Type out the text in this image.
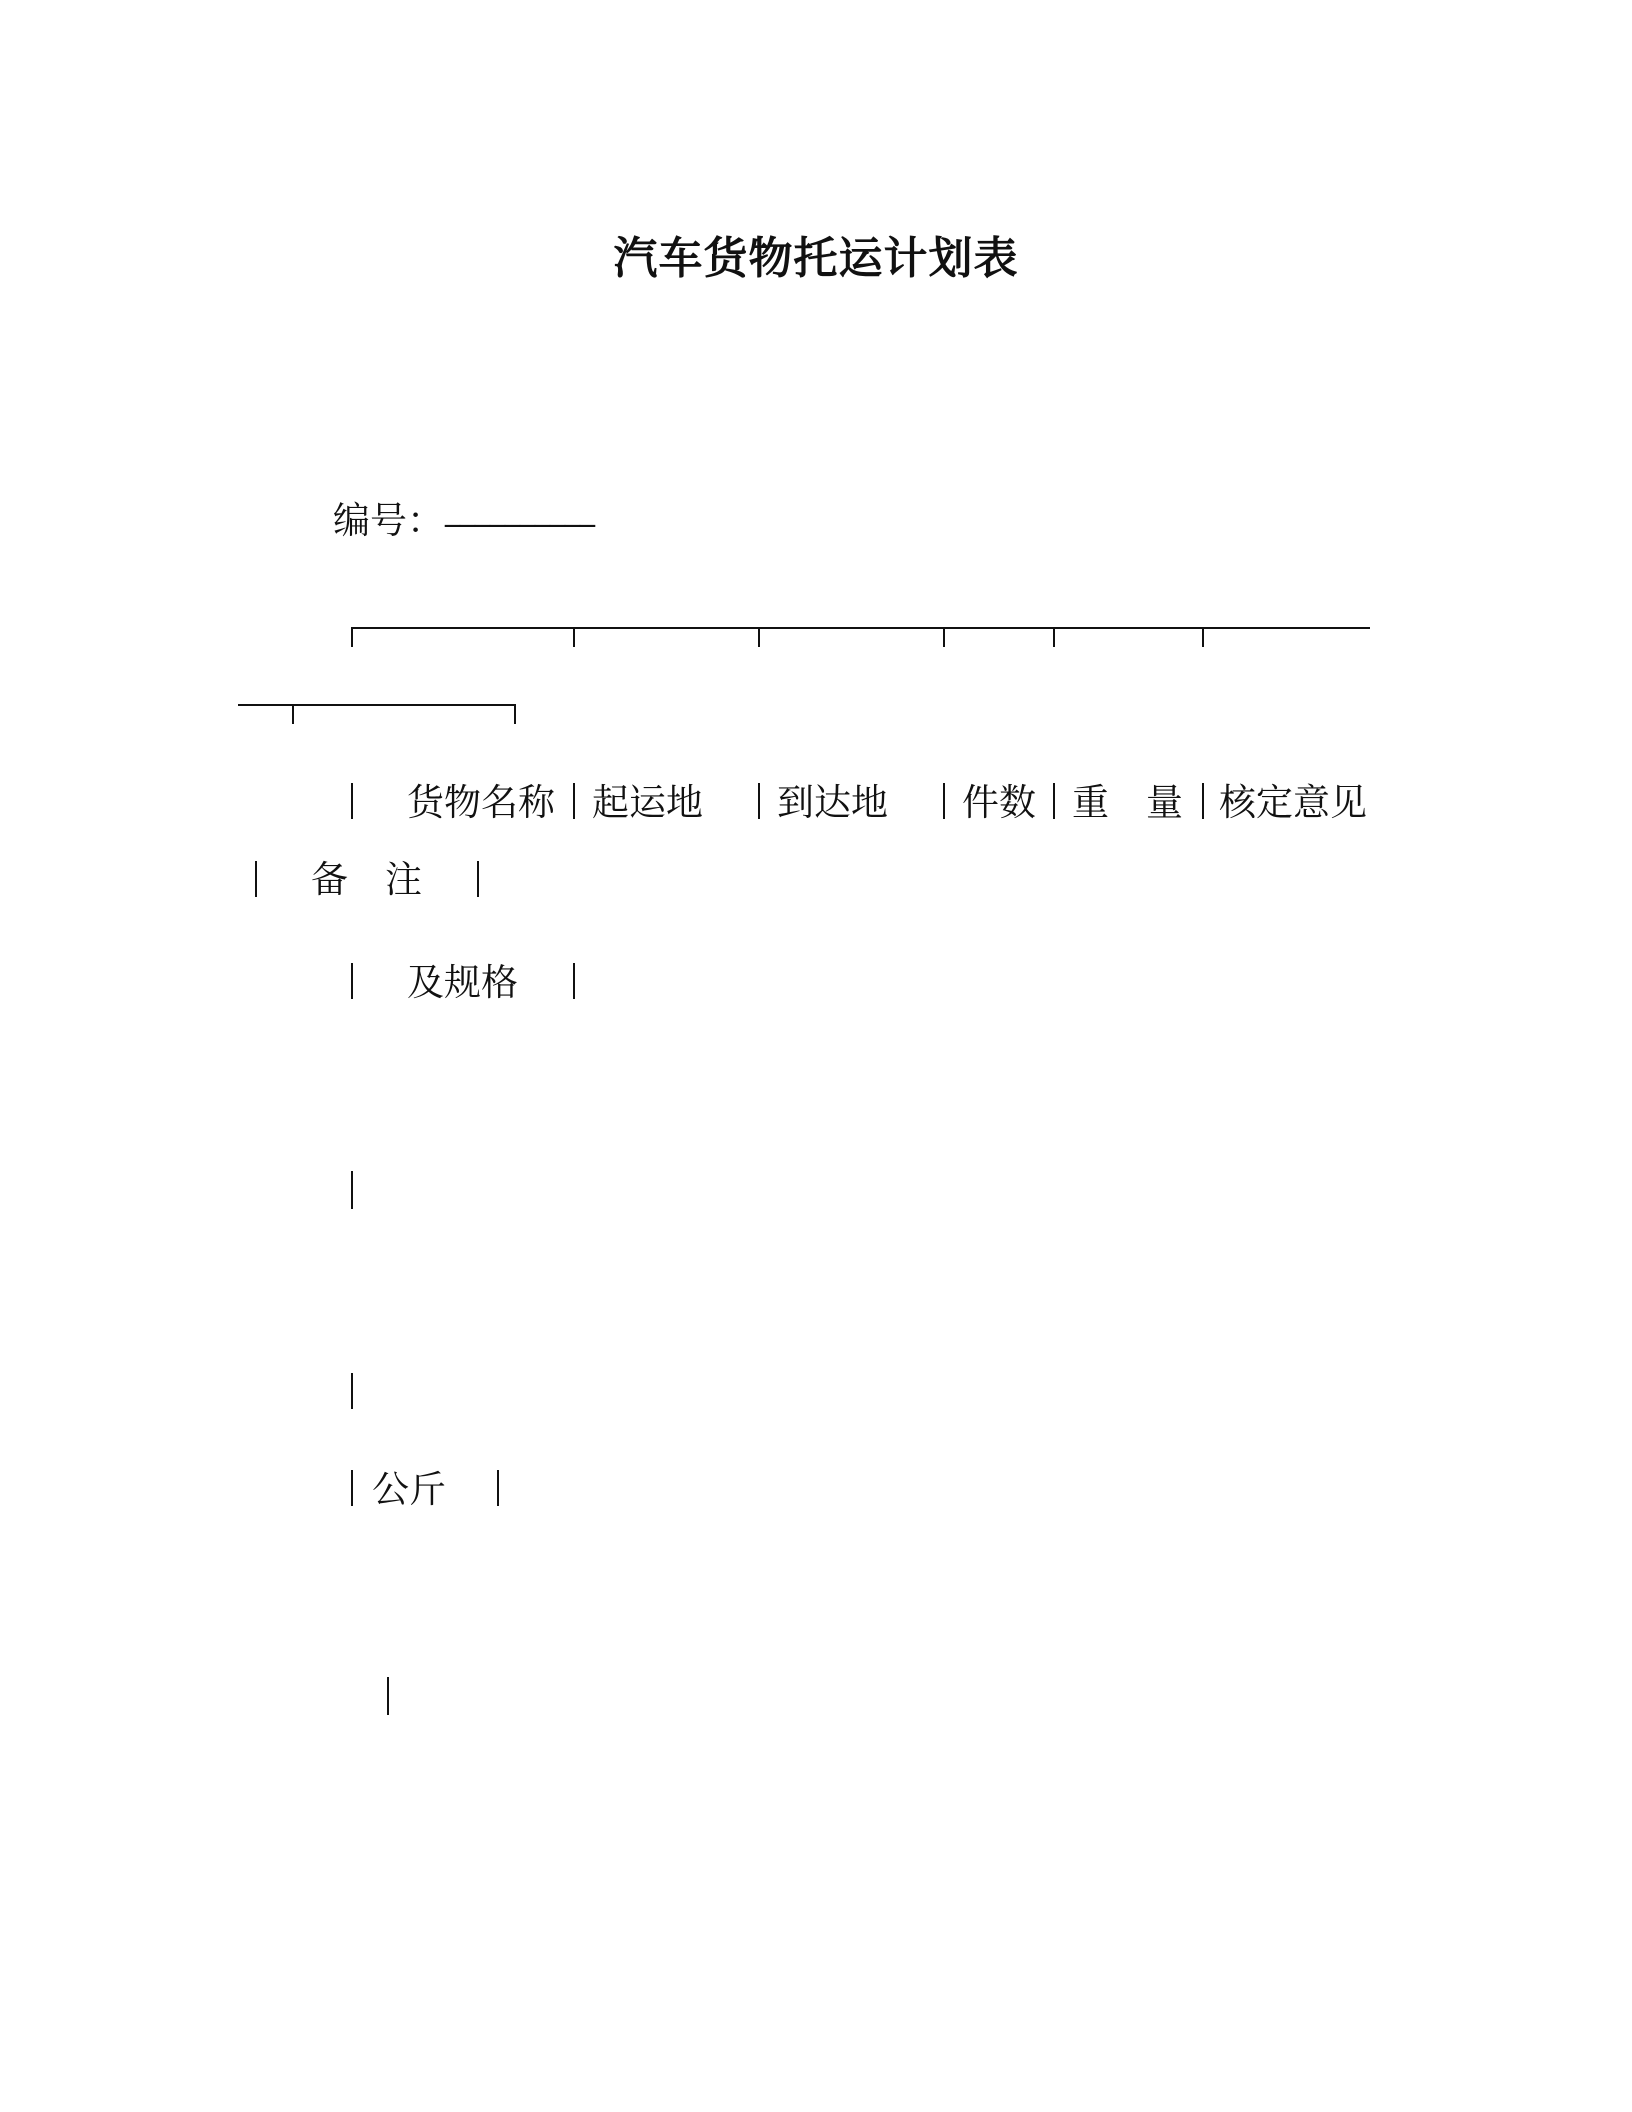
汽车货物托运计划表
编号： __________
货物名称 起运地 到达地 件数 重 量 核定意见
备 注
及规格
公斤
